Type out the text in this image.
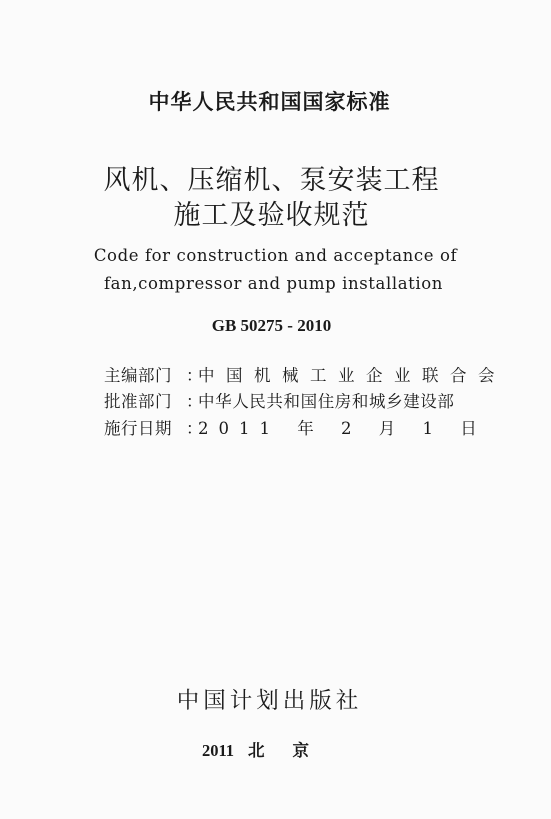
中华人民共和国国家标准
风机、压缩机、泵安装工程
施工及验收规范
Code for construction and acceptance of
fan,compressor and pump installation
GB 50275 - 2010
主编部门 ：中国机械工业企业联合会
批准部门 ：中华人民共和国住房和城乡建设部
施行日期 ：2011 年 2 月 1 日
中国计划出版社
2011 北京
